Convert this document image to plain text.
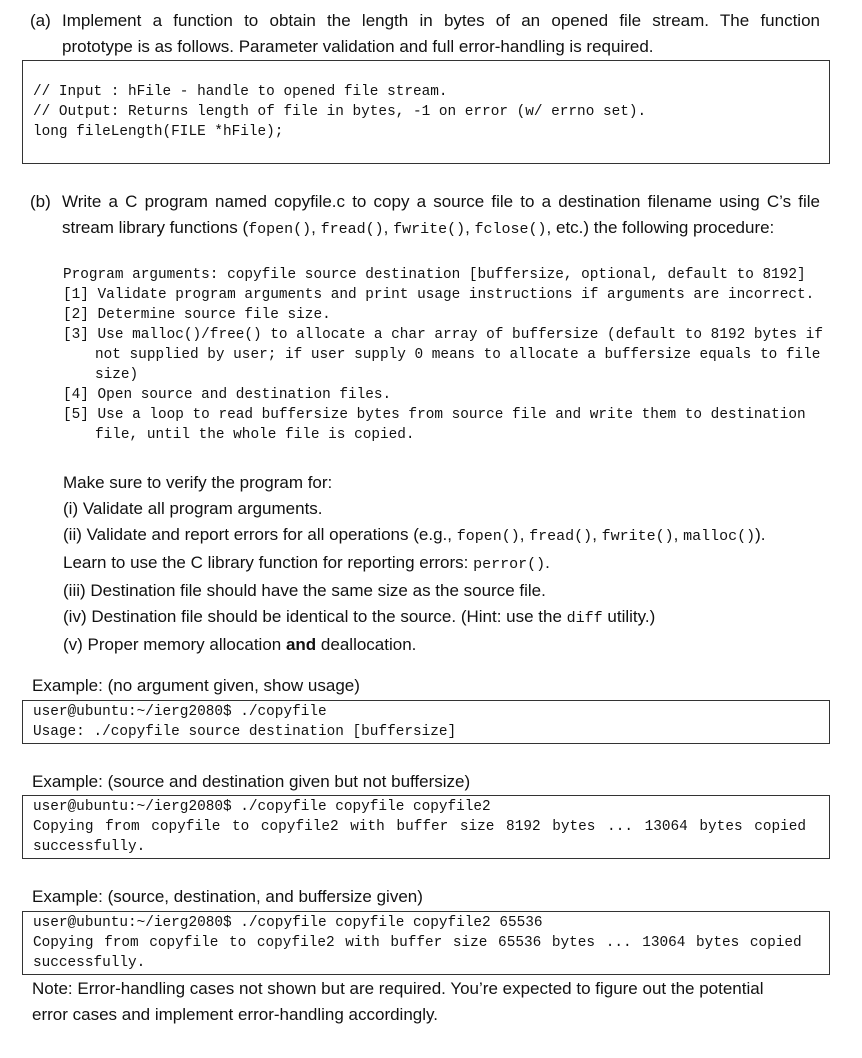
(a) Implement a function to obtain the length in bytes of an opened file stream. The function
prototype is as follows. Parameter validation and full error-handling is required.
// Input : hFile - handle to opened file stream.
// Output: Returns length of file in bytes, -1 on error (w/ errno set).
long fileLength(FILE *hFile);
(b) Write a C program named copyfile.c to copy a source file to a destination filename using C’s file
stream library functions (fopen(), fread(), fwrite(), fclose(), etc.) the following procedure:
Program arguments: copyfile source destination [buffersize, optional, default to 8192]
[1] Validate program arguments and print usage instructions if arguments are incorrect.
[2] Determine source file size.
[3] Use malloc()/free() to allocate a char array of buffersize (default to 8192 bytes if
not supplied by user; if user supply 0 means to allocate a buffersize equals to file
size)
[4] Open source and destination files.
[5] Use a loop to read buffersize bytes from source file and write them to destination
file, until the whole file is copied.
Make sure to verify the program for:
(i) Validate all program arguments.
(ii) Validate and report errors for all operations (e.g., fopen(), fread(), fwrite(), malloc()).
Learn to use the C library function for reporting errors: perror().
(iii) Destination file should have the same size as the source file.
(iv) Destination file should be identical to the source. (Hint: use the diff utility.)
(v) Proper memory allocation and deallocation.
Example: (no argument given, show usage)
user@ubuntu:~/ierg2080$ ./copyfile
Usage: ./copyfile source destination [buffersize]
Example: (source and destination given but not buffersize)
user@ubuntu:~/ierg2080$ ./copyfile copyfile copyfile2
Copying from copyfile to copyfile2 with buffer size 8192 bytes ... 13064 bytes copied
successfully.
Example: (source, destination, and buffersize given)
user@ubuntu:~/ierg2080$ ./copyfile copyfile copyfile2 65536
Copying from copyfile to copyfile2 with buffer size 65536 bytes ... 13064 bytes copied
successfully.
Note: Error-handling cases not shown but are required. You’re expected to figure out the potential
error cases and implement error-handling accordingly.
